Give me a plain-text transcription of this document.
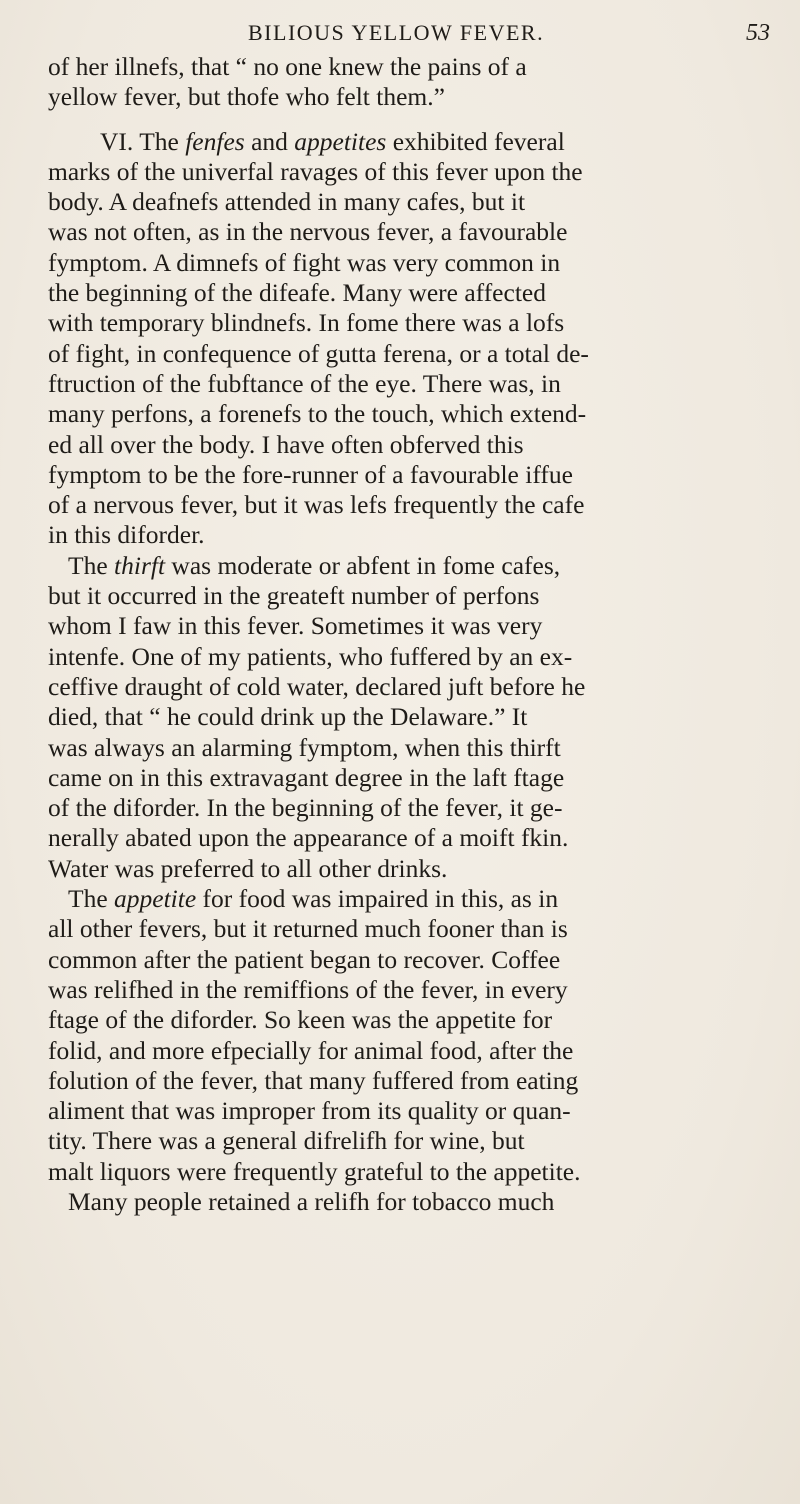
BILIOUS YELLOW FEVER.	53
of her illnefs, that “ no one knew the pains of a
yellow fever, but thofe who felt them.”
VI. The fenfes and appetites exhibited feveral
marks of the univerfal ravages of this fever upon the
body. A deafnefs attended in many cafes, but it
was not often, as in the nervous fever, a favourable
fymptom. A dimnefs of fight was very common in
the beginning of the difeafe. Many were affected
with temporary blindnefs. In fome there was a lofs
of fight, in confequence of gutta ferena, or a total de-
ftruction of the fubftance of the eye. There was, in
many perfons, a forenefs to the touch, which extend-
ed all over the body. I have often obferved this
fymptom to be the fore-runner of a favourable iffue
of a nervous fever, but it was lefs frequently the cafe
in this diforder.
The thirft was moderate or abfent in fome cafes,
but it occurred in the greateft number of perfons
whom I faw in this fever. Sometimes it was very
intenfe. One of my patients, who fuffered by an ex-
ceffive draught of cold water, declared juft before he
died, that “ he could drink up the Delaware.” It
was always an alarming fymptom, when this thirft
came on in this extravagant degree in the laft ftage
of the diforder. In the beginning of the fever, it ge-
nerally abated upon the appearance of a moift fkin.
Water was preferred to all other drinks.
The appetite for food was impaired in this, as in
all other fevers, but it returned much fooner than is
common after the patient began to recover. Coffee
was relifhed in the remiffions of the fever, in every
ftage of the diforder. So keen was the appetite for
folid, and more efpecially for animal food, after the
folution of the fever, that many fuffered from eating
aliment that was improper from its quality or quan-
tity. There was a general difrelifh for wine, but
malt liquors were frequently grateful to the appetite.
Many people retained a relifh for tobacco much
